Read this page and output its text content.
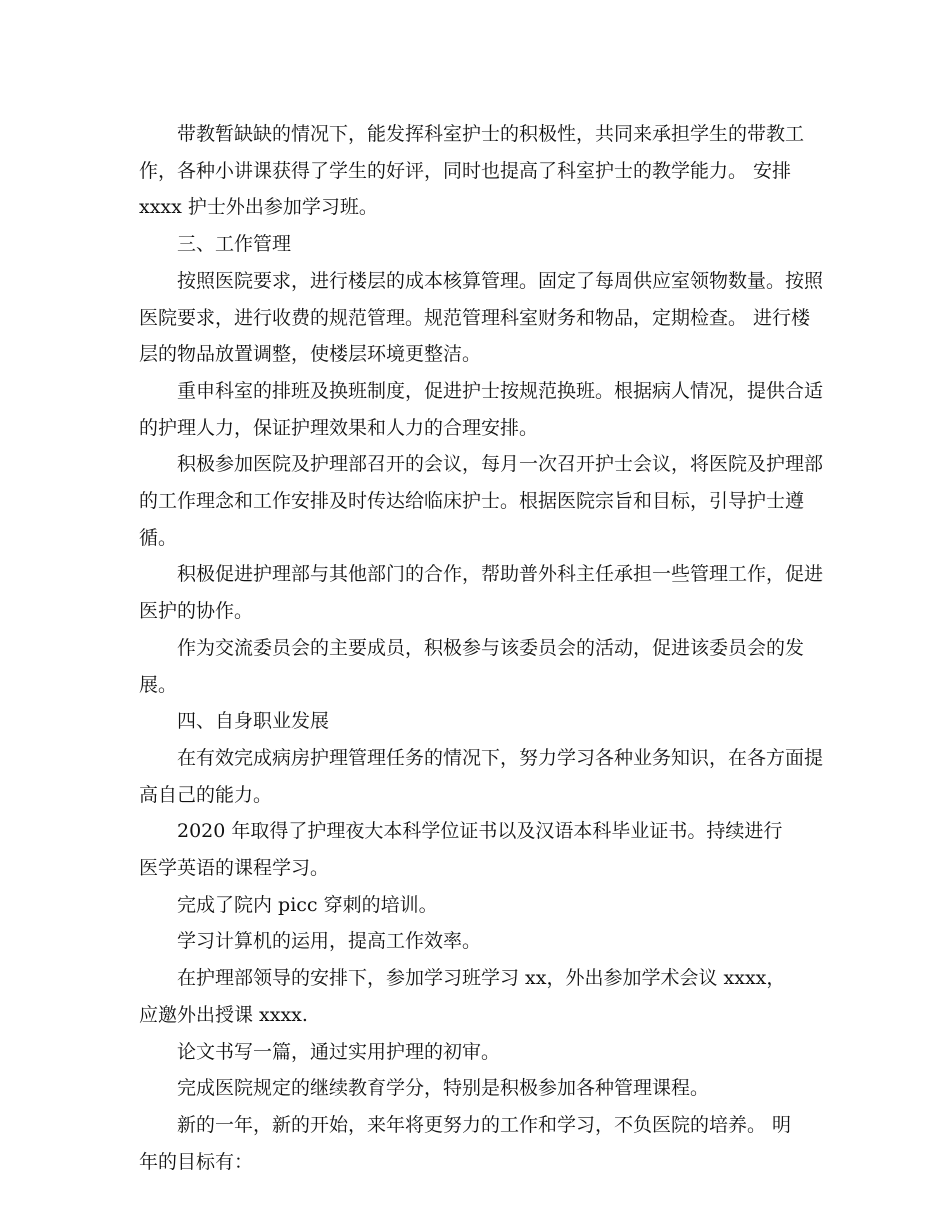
带教暂缺缺的情况下，能发挥科室护士的积极性，共同来承担学生的带教工作，各种小讲课获得了学生的好评，同时也提高了科室护士的教学能力。 安排 xxxx 护士外出参加学习班。

三、工作管理

按照医院要求，进行楼层的成本核算管理。固定了每周供应室领物数量。按照医院要求，进行收费的规范管理。规范管理科室财务和物品，定期检查。 进行楼层的物品放置调整，使楼层环境更整洁。

重申科室的排班及换班制度，促进护士按规范换班。根据病人情况，提供合适的护理人力，保证护理效果和人力的合理安排。

积极参加医院及护理部召开的会议，每月一次召开护士会议，将医院及护理部的工作理念和工作安排及时传达给临床护士。根据医院宗旨和目标，引导护士遵循。

积极促进护理部与其他部门的合作，帮助普外科主任承担一些管理工作，促进医护的协作。

作为交流委员会的主要成员，积极参与该委员会的活动，促进该委员会的发展。

四、自身职业发展

在有效完成病房护理管理任务的情况下，努力学习各种业务知识，在各方面提高自己的能力。

2020 年取得了护理夜大本科学位证书以及汉语本科毕业证书。持续进行医学英语的课程学习。

完成了院内 picc 穿刺的培训。

学习计算机的运用，提高工作效率。

在护理部领导的安排下，参加学习班学习 xx，外出参加学术会议 xxxx，应邀外出授课 xxxx.

论文书写一篇，通过实用护理的初审。

完成医院规定的继续教育学分，特别是积极参加各种管理课程。

新的一年，新的开始，来年将更努力的工作和学习，不负医院的培养。 明年的目标有：
